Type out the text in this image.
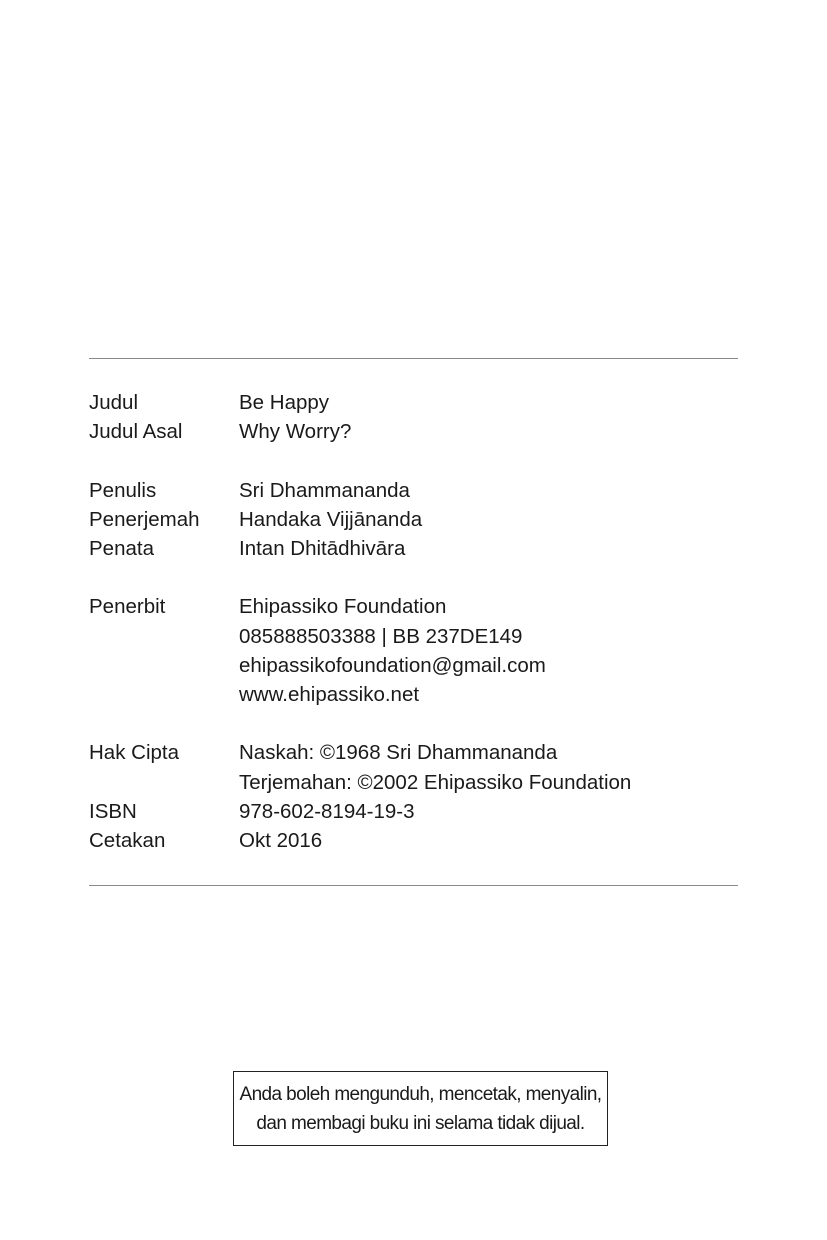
Judul	Be Happy
Judul Asal	Why Worry?
Penulis	Sri Dhammananda
Penerjemah	Handaka Vijjānanda
Penata	Intan Dhitādhivāra
Penerbit	Ehipassiko Foundation
085888503388 | BB 237DE149
ehipassikofoundation@gmail.com
www.ehipassiko.net
Hak Cipta	Naskah: ©1968 Sri Dhammananda
Terjemahan: ©2002 Ehipassiko Foundation
ISBN	978-602-8194-19-3
Cetakan	Okt 2016
Anda boleh mengunduh, mencetak, menyalin,
dan membagi buku ini selama tidak dijual.
